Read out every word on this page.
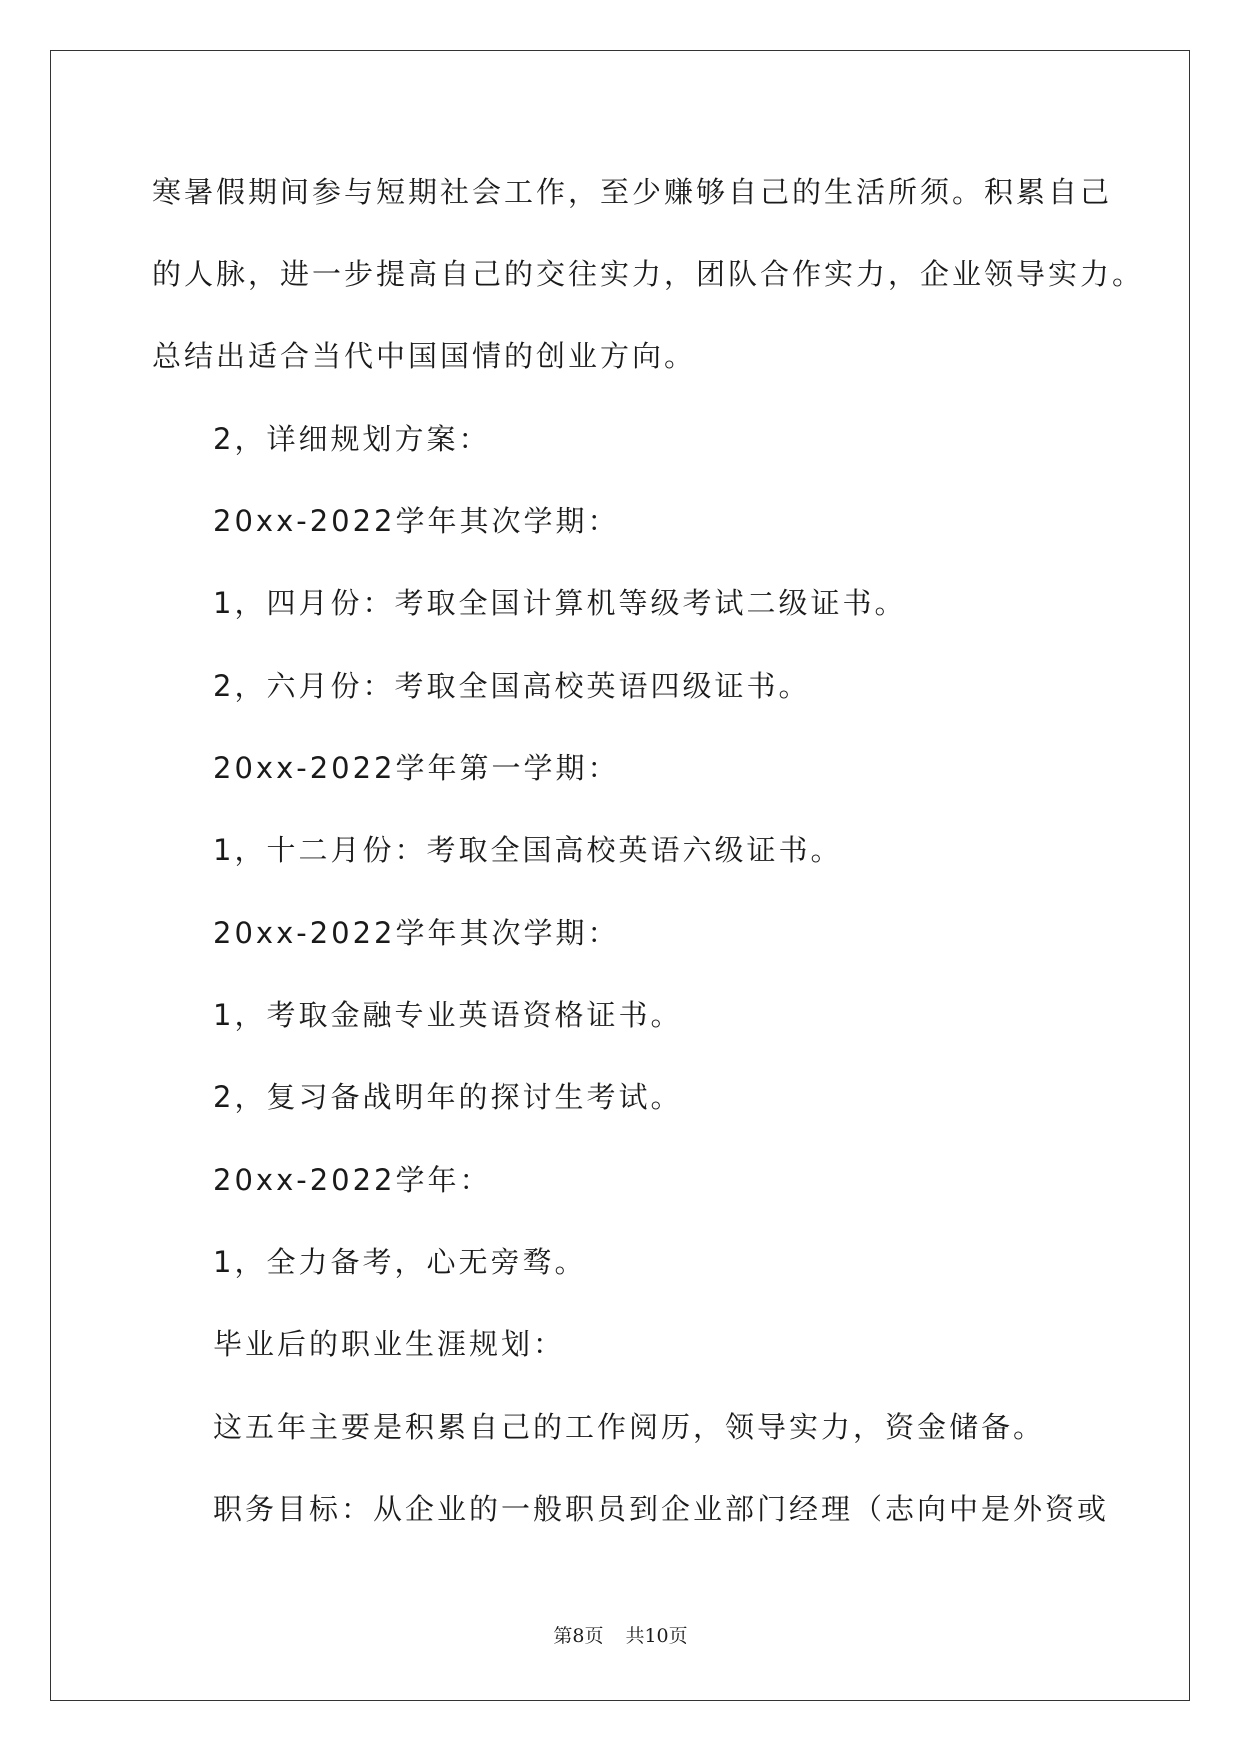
寒暑假期间参与短期社会工作，至少赚够自己的生活所须。积累自己
的人脉，进一步提高自己的交往实力，团队合作实力，企业领导实力。
总结出适合当代中国国情的创业方向。
2，详细规划方案：
20xx-2022学年其次学期：
1，四月份：考取全国计算机等级考试二级证书。
2，六月份：考取全国高校英语四级证书。
20xx-2022学年第一学期：
1，十二月份：考取全国高校英语六级证书。
20xx-2022学年其次学期：
1，考取金融专业英语资格证书。
2，复习备战明年的探讨生考试。
20xx-2022学年：
1，全力备考，心无旁骛。
毕业后的职业生涯规划：
这五年主要是积累自己的工作阅历，领导实力，资金储备。
职务目标：从企业的一般职员到企业部门经理（志向中是外资或
第8页 共10页
